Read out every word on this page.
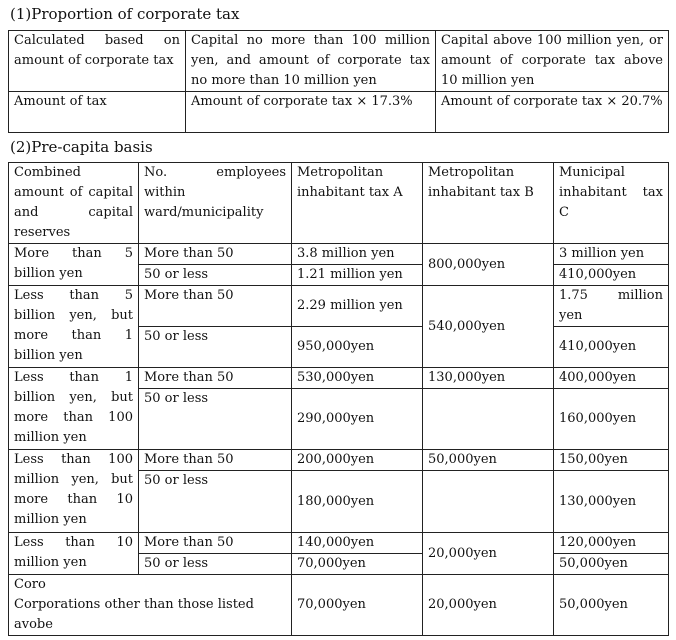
(1)Proportion of corporate tax
Calculated based on amount of corporate tax	Capital no more than 100 million yen, and amount of corporate tax no more than 10 million yen	Capital above 100 million yen, or amount of corporate tax above 10 million yen
Amount of tax	Amount of corporate tax × 17.3%	Amount of corporate tax × 20.7%
(2)Pre-capita basis
Combined amount of capital and capital reserves	No. employees within ward/municipality	Metropolitan inhabitant tax A	Metropolitan inhabitant tax B	Municipal inhabitant tax C
More than 5 billion yen	More than 50	3.8 million yen	800,000yen	3 million yen
	50 or less	1.21 million yen		410,000yen
Less than 5 billion yen, but more than 1 billion yen	More than 50	2.29 million yen	540,000yen	1.75 million yen
	50 or less	950,000yen		410,000yen
Less than 1 billion yen, but more than 100 million yen	More than 50	530,000yen	130,000yen	400,000yen
	50 or less	290,000yen		160,000yen
Less than 100 million yen, but more than 10 million yen	More than 50	200,000yen	50,000yen	150,00yen
	50 or less	180,000yen		130,000yen
Less than 10 million yen	More than 50	140,000yen	20,000yen	120,000yen
	50 or less	70,000yen		50,000yen

Coro
Corporations other than those listed avobe		70,000yen	20,000yen	50,000yen
